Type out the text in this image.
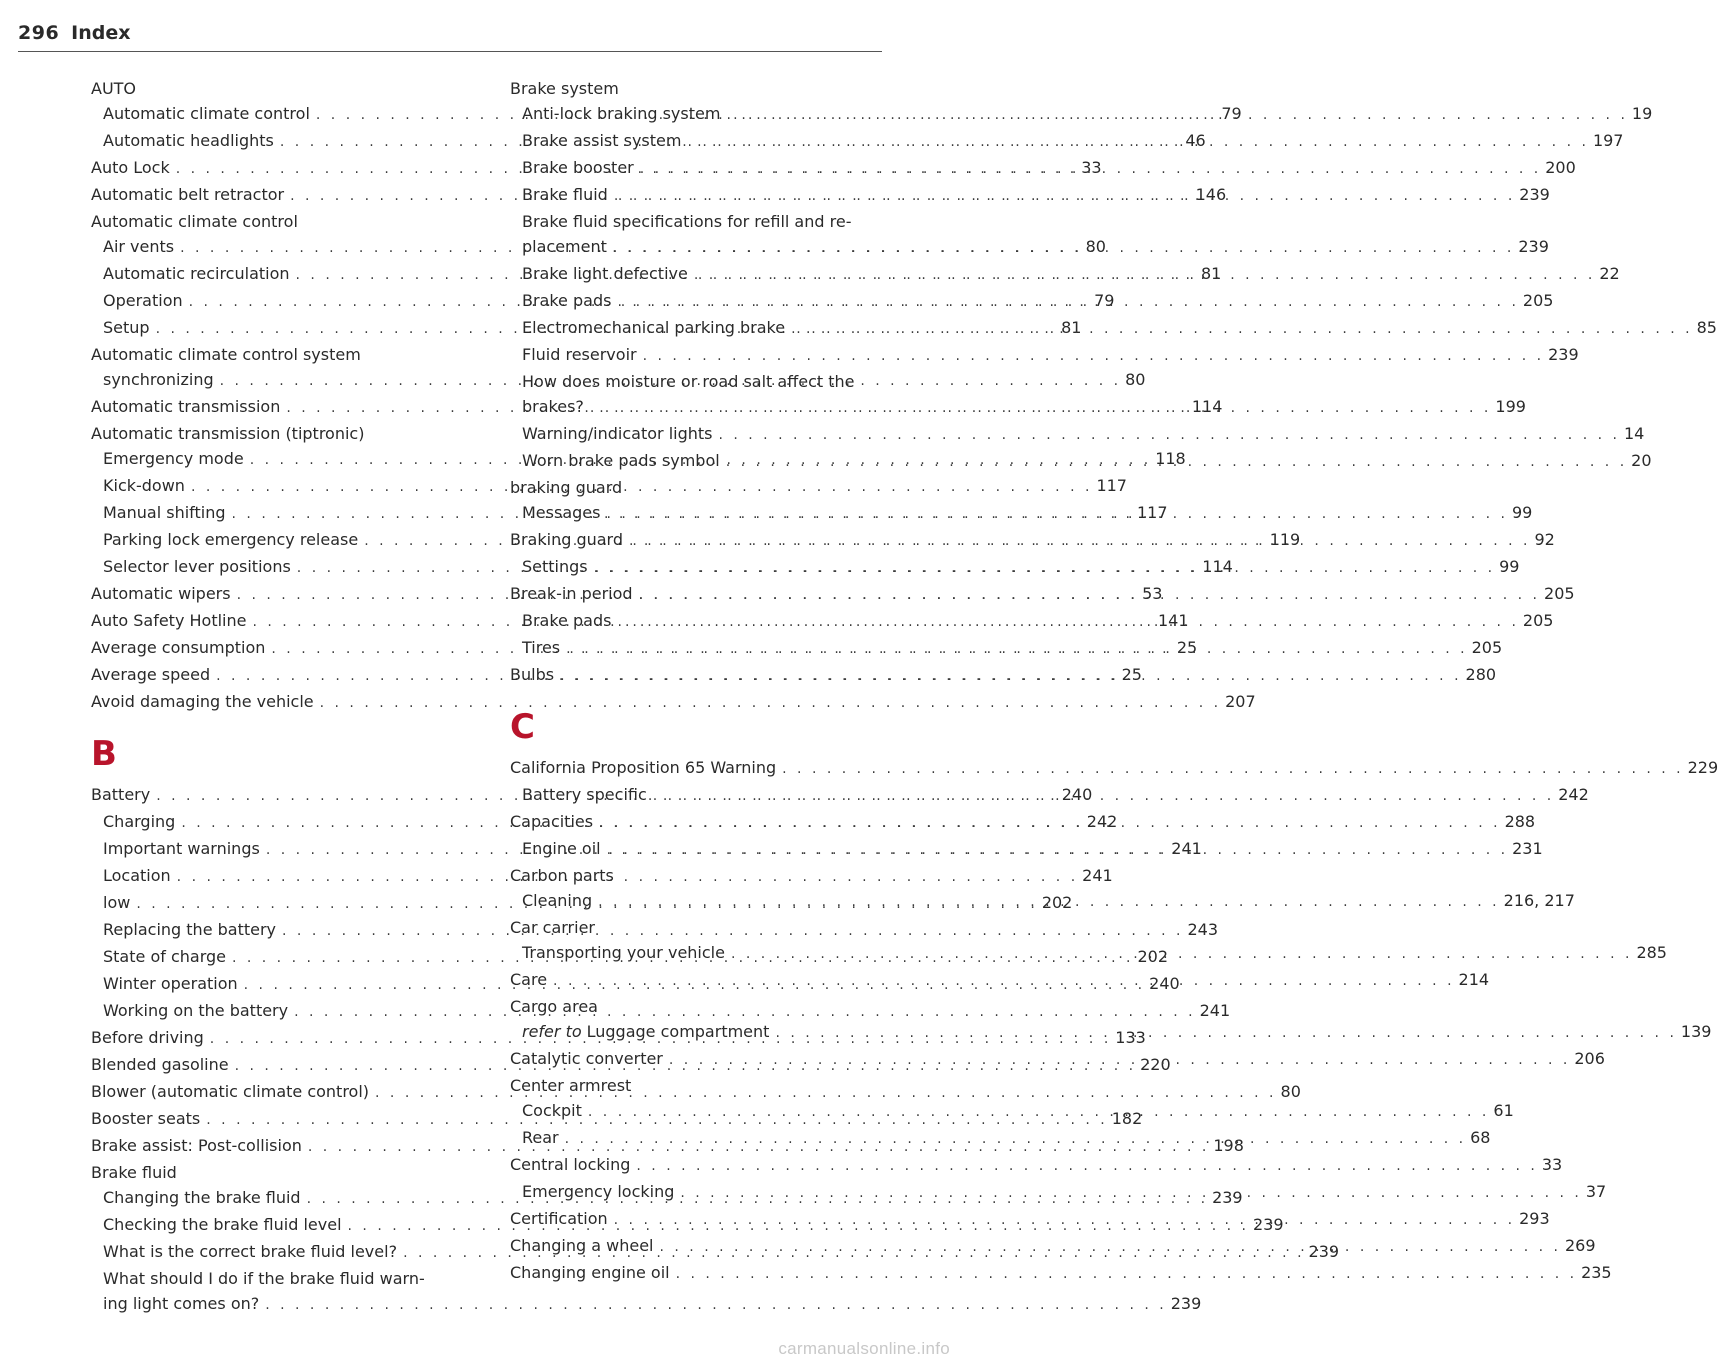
296 Index
AUTO
Automatic climate control . . .	79
Automatic headlights . . .	46
Auto Lock . . .	33
Automatic belt retractor . . .	146
Automatic climate control
Air vents . . .	80
Automatic recirculation . . .	81
Operation . . .	79
Setup . . .	81
Automatic climate control system
synchronizing . . .	80
Automatic transmission . . .	114
Automatic transmission (tiptronic)
Emergency mode . . .	118
Kick-down . . .	117
Manual shifting . . .	117
Parking lock emergency release . . .	119
Selector lever positions . . .	114
Automatic wipers . . .	53
Auto Safety Hotline . . .	141
Average consumption . . .	25
Average speed . . .	25
Avoid damaging the vehicle . . .	207
B
Battery . . .	240
Charging . . .	242
Important warnings . . .	241
Location . . .	241
low . . .	202
Replacing the battery . . .	243
State of charge . . .	202
Winter operation . . .	240
Working on the battery . . .	241
Before driving . . .	133
Blended gasoline . . .	220
Blower (automatic climate control) . . .	80
Booster seats . . .	182
Brake assist: Post-collision . . .	198
Brake fluid
Changing the brake fluid . . .	239
Checking the brake fluid level . . .	239
What is the correct brake fluid level? . . .	239
What should I do if the brake fluid warn-
ing light comes on? . . .	239
Brake system
Anti-lock braking system . . .	19
Brake assist system . . .	197
Brake booster . . .	200
Brake fluid . . .	239
Brake fluid specifications for refill and re-
placement . . .	239
Brake light defective . . .	22
Brake pads . . .	205
Electromechanical parking brake . . .	85
Fluid reservoir . . .	239
How does moisture or road salt affect the
brakes? . . .	199
Warning/indicator lights . . .	14
Worn brake pads symbol . . .	20
braking guard
Messages . . .	99
Braking guard . . .	92
Settings . . .	99
Break-in period . . .	205
Brake pads . . .	205
Tires . . .	205
Bulbs . . .	280
C
California Proposition 65 Warning . . .	229
Battery specific . . .	242
Capacities . . .	288
Engine oil . . .	231
Carbon parts
Cleaning . . .	216, 217
Car carrier
Transporting your vehicle . . .	285
Care . . .	214
Cargo area
refer to Luggage compartment . . .	139
Catalytic converter . . .	206
Center armrest
Cockpit . . .	61
Rear . . .	68
Central locking . . .	33
Emergency locking . . .	37
Certification . . .	293
Changing a wheel . . .	269
Changing engine oil . . .	235
carmanualsonline.info
